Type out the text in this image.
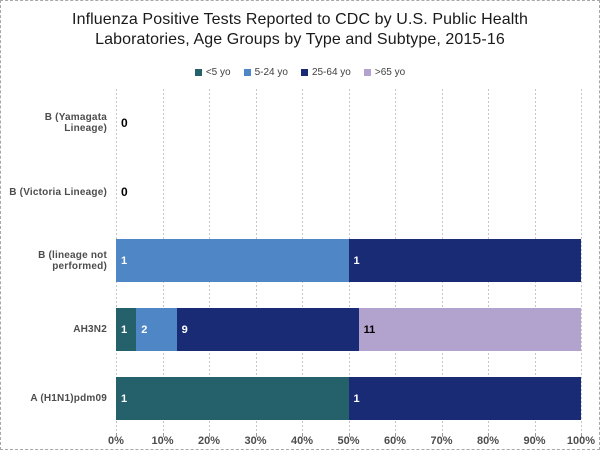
Influenza Positive Tests Reported to CDC by U.S. Public Health Laboratories, Age Groups by Type and Subtype, 2015-16
<5 yo 5-24 yo 25-64 yo >65 yo
B (Yamagata Lineage)
B (Victoria Lineage)
B (lineage not performed)
AH3N2
A (H1N1)pdm09
0
0
1	1
1	2	9	11
1	1
0%	10% 20% 30% 40% 50% 60% 70% 80% 90% 100%
